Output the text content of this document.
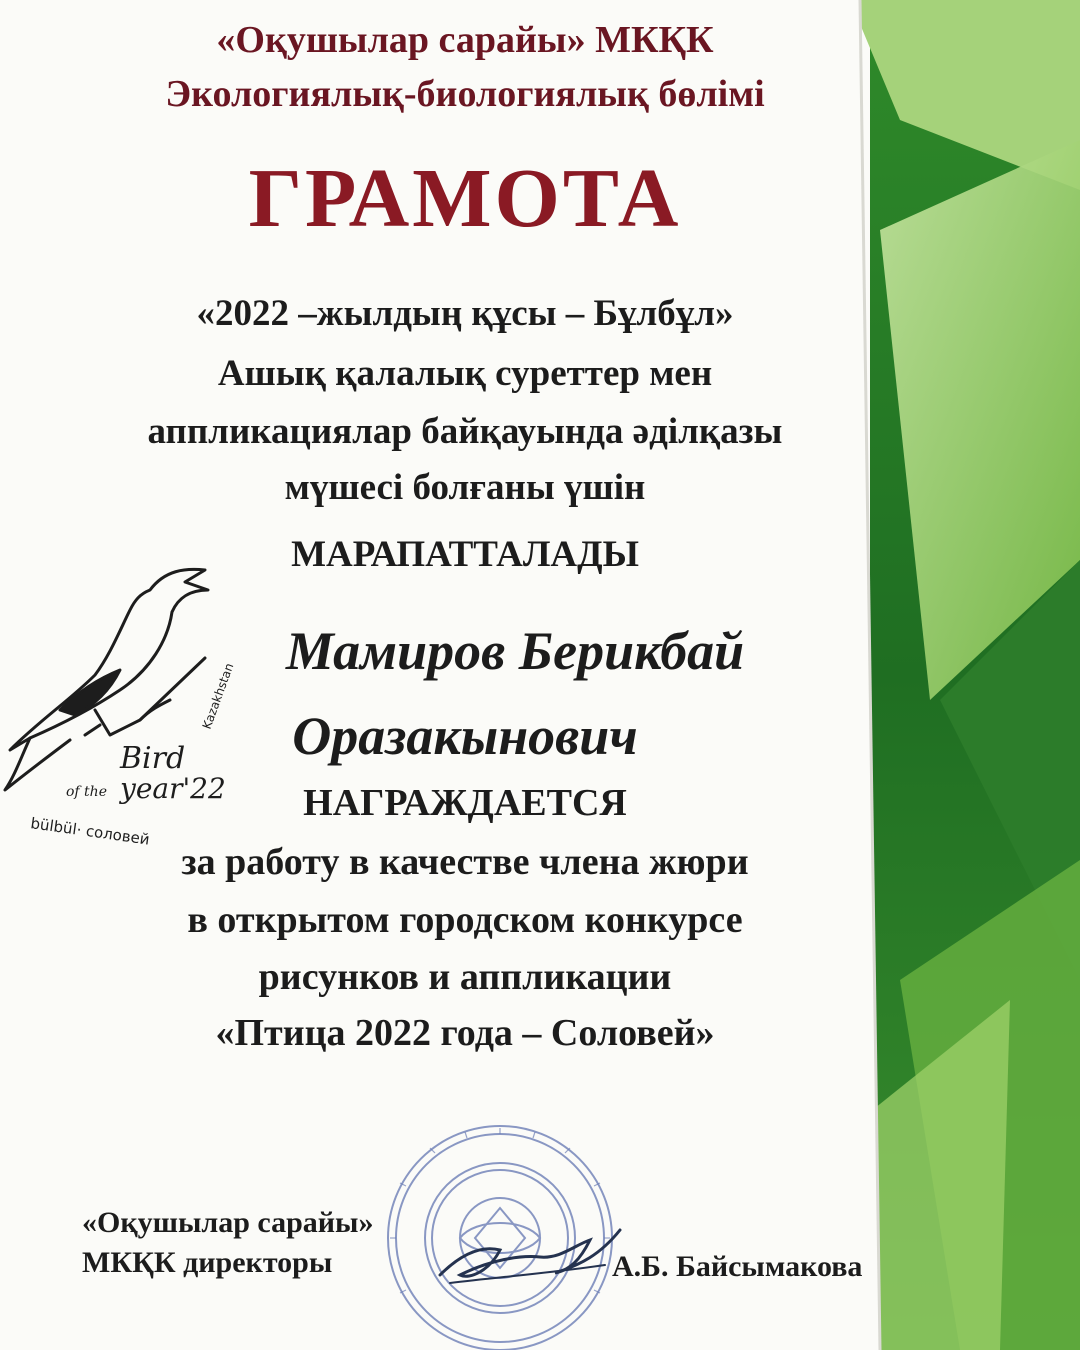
«Оқушылар сарайы» МКҚК
Экологиялық-биологиялық бөлімі
ГРАМОТА
«2022 –жылдың құсы – Бұлбұл»
Ашық қалалық суреттер мен
аппликациялар байқауында әділқазы
мүшесі болғаны үшін
МАРАПАТТАЛАДЫ
Мамиров Берикбай
Оразакынович
НАГРАЖДАЕТСЯ
за работу в качестве члена жюри
в открытом городском конкурсе
рисунков и аппликации
«Птица 2022 года – Соловей»
«Оқушылар сарайы»
МКҚК директоры	А.Б. Байсымакова
Kazakhstan
Bird
of the year'22
bülbül· соловей
